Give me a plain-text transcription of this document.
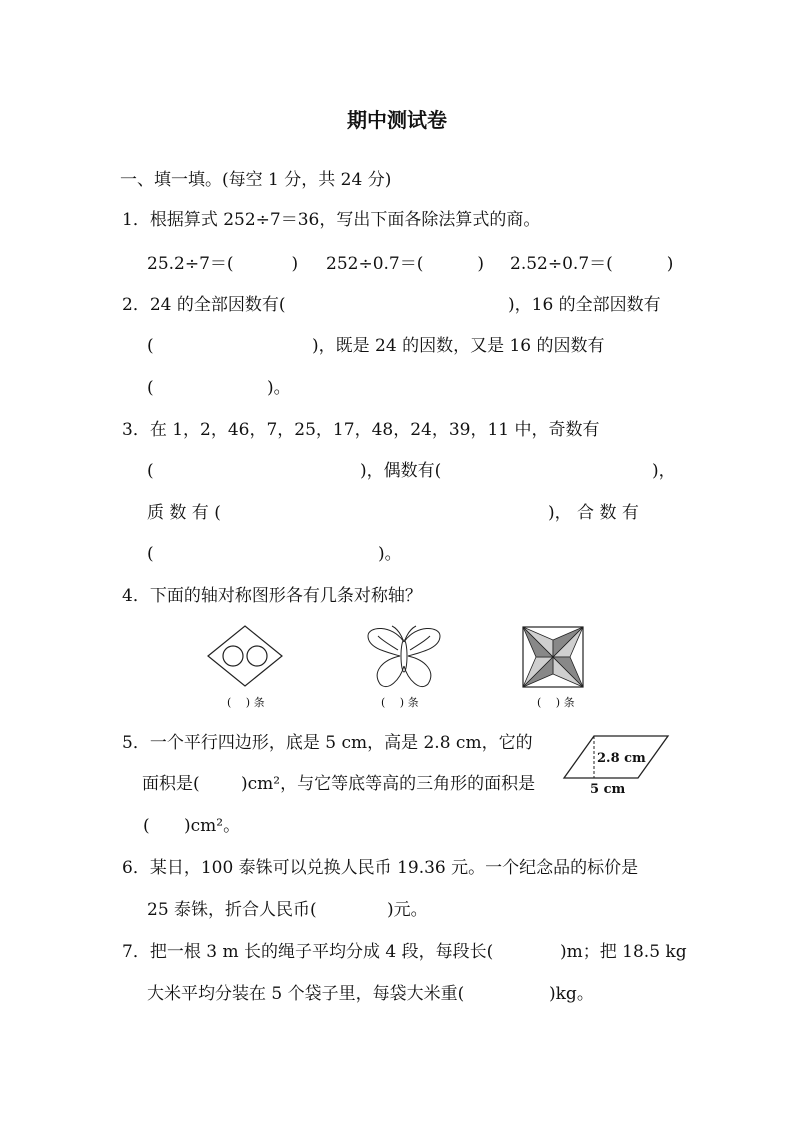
期中测试卷
一、填一填。(每空 1 分，共 24 分)
1．根据算式 252÷7＝36，写出下面各除法算式的商。
25.2÷7＝(	) 252÷0.7＝(	) 2.52÷0.7＝(	)
2．24 的全部因数有(	)，16 的全部因数有
(	)，既是 24 的因数，又是 16 的因数有
(	)。
3．在 1，2，46，7，25，17，48，24，39，11 中，奇数有
(	)，偶数有(	)，
质 数 有 (	)， 合 数 有
(	)。
4．下面的轴对称图形各有几条对称轴？
(　 ) 条	(　 ) 条	(　 ) 条
5．一个平行四边形，底是 5 cm，高是 2.8 cm，它的
面积是( )cm²，与它等底等高的三角形的面积是
( )cm²。
2.8 cm
5 cm
6．某日，100 泰铢可以兑换人民币 19.36 元。一个纪念品的标价是
25 泰铢，折合人民币(	)元。
7．把一根 3 m 长的绳子平均分成 4 段，每段长(	)m；把 18.5 kg
大米平均分装在 5 个袋子里，每袋大米重(	)kg。
